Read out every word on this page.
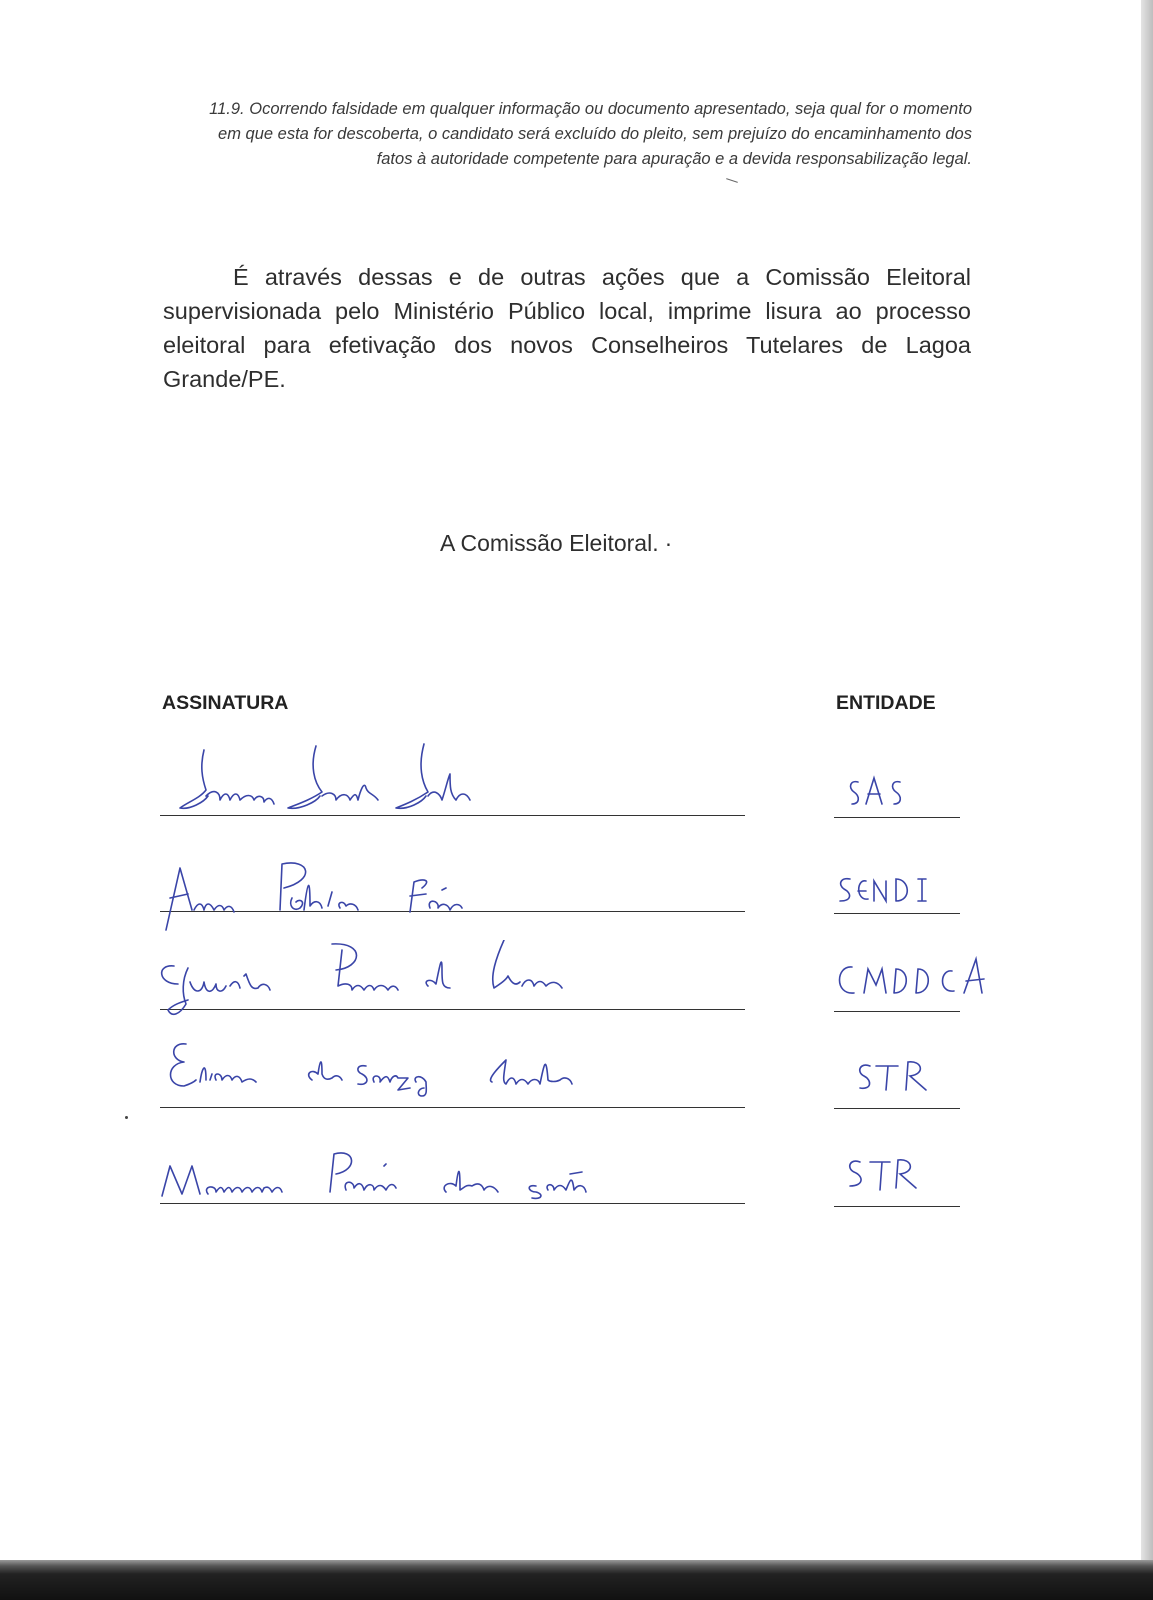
11.9. Ocorrendo falsidade em qualquer informação ou documento apresentado, seja qual for o momento em que esta for descoberta, o candidato será excluído do pleito, sem prejuízo do encaminhamento dos fatos à autoridade competente para apuração e a devida responsabilização legal.
É através dessas e de outras ações que a Comissão Eleitoral supervisionada pelo Ministério Público local, imprime lisura ao processo eleitoral para efetivação dos novos Conselheiros Tutelares de Lagoa Grande/PE.
A Comissão Eleitoral. ·
ASSINATURA	ENTIDADE
